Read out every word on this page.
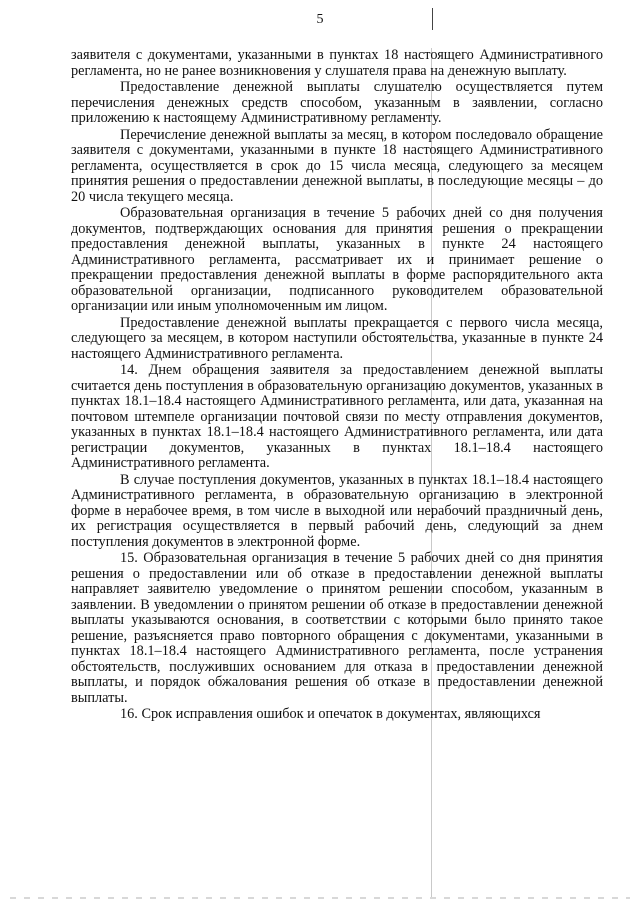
5

заявителя с документами, указанными в пунктах 18 настоящего Административного регламента, но не ранее возникновения у слушателя права на денежную выплату.

Предоставление денежной выплаты слушателю осуществляется путем перечисления денежных средств способом, указанным в заявлении, согласно приложению к настоящему Административному регламенту.

Перечисление денежной выплаты за месяц, в котором последовало обращение заявителя с документами, указанными в пункте 18 настоящего Административного регламента, осуществляется в срок до 15 числа месяца, следующего за месяцем принятия решения о предоставлении денежной выплаты, в последующие месяцы – до 20 числа текущего месяца.

Образовательная организация в течение 5 рабочих дней со дня получения документов, подтверждающих основания для принятия решения о прекращении предоставления денежной выплаты, указанных в пункте 24 настоящего Административного регламента, рассматривает их и принимает решение о прекращении предоставления денежной выплаты в форме распорядительного акта образовательной организации, подписанного руководителем образовательной организации или иным уполномоченным им лицом.

Предоставление денежной выплаты прекращается с первого числа месяца, следующего за месяцем, в котором наступили обстоятельства, указанные в пункте 24 настоящего Административного регламента.

14. Днем обращения заявителя за предоставлением денежной выплаты считается день поступления в образовательную организацию документов, указанных в пунктах 18.1–18.4 настоящего Административного регламента, или дата, указанная на почтовом штемпеле организации почтовой связи по месту отправления документов, указанных в пунктах 18.1–18.4 настоящего Административного регламента, или дата регистрации документов, указанных в пунктах 18.1–18.4 настоящего Административного регламента.

В случае поступления документов, указанных в пунктах 18.1–18.4 настоящего Административного регламента, в образовательную организацию в электронной форме в нерабочее время, в том числе в выходной или нерабочий праздничный день, их регистрация осуществляется в первый рабочий день, следующий за днем поступления документов в электронной форме.

15. Образовательная организация в течение 5 рабочих дней со дня принятия решения о предоставлении или об отказе в предоставлении денежной выплаты направляет заявителю уведомление о принятом решении способом, указанным в заявлении. В уведомлении о принятом решении об отказе в предоставлении денежной выплаты указываются основания, в соответствии с которыми было принято такое решение, разъясняется право повторного обращения с документами, указанными в пунктах 18.1–18.4 настоящего Административного регламента, после устранения обстоятельств, послуживших основанием для отказа в предоставлении денежной выплаты, и порядок обжалования решения об отказе в предоставлении денежной выплаты.

16. Срок исправления ошибок и опечаток в документах, являющихся
